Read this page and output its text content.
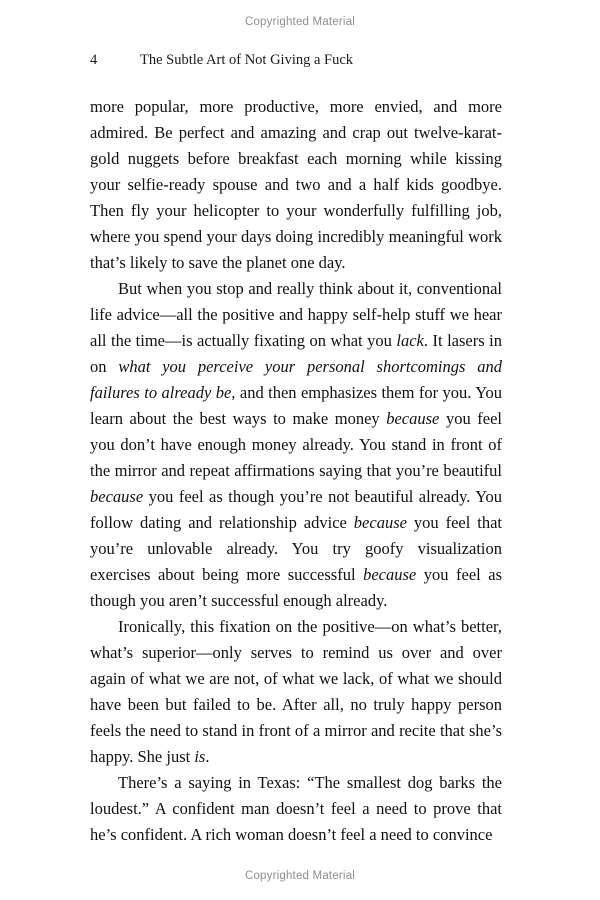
Copyrighted Material
4	The Subtle Art of Not Giving a Fuck

more popular, more productive, more envied, and more admired. Be perfect and amazing and crap out twelve-karat-gold nuggets before breakfast each morning while kissing your selfie-ready spouse and two and a half kids goodbye. Then fly your helicopter to your wonderfully fulfilling job, where you spend your days doing incredibly meaningful work that’s likely to save the planet one day.

But when you stop and really think about it, conventional life advice—all the positive and happy self-help stuff we hear all the time—is actually fixating on what you lack. It lasers in on what you perceive your personal shortcomings and failures to already be, and then emphasizes them for you. You learn about the best ways to make money because you feel you don’t have enough money already. You stand in front of the mirror and repeat affirmations saying that you’re beautiful because you feel as though you’re not beautiful already. You follow dating and relationship advice because you feel that you’re unlovable already. You try goofy visualization exercises about being more successful because you feel as though you aren’t successful enough already.

Ironically, this fixation on the positive—on what’s better, what’s superior—only serves to remind us over and over again of what we are not, of what we lack, of what we should have been but failed to be. After all, no truly happy person feels the need to stand in front of a mirror and recite that she’s happy. She just is.

There’s a saying in Texas: “The smallest dog barks the loudest.” A confident man doesn’t feel a need to prove that he’s confident. A rich woman doesn’t feel a need to convince

Copyrighted Material
